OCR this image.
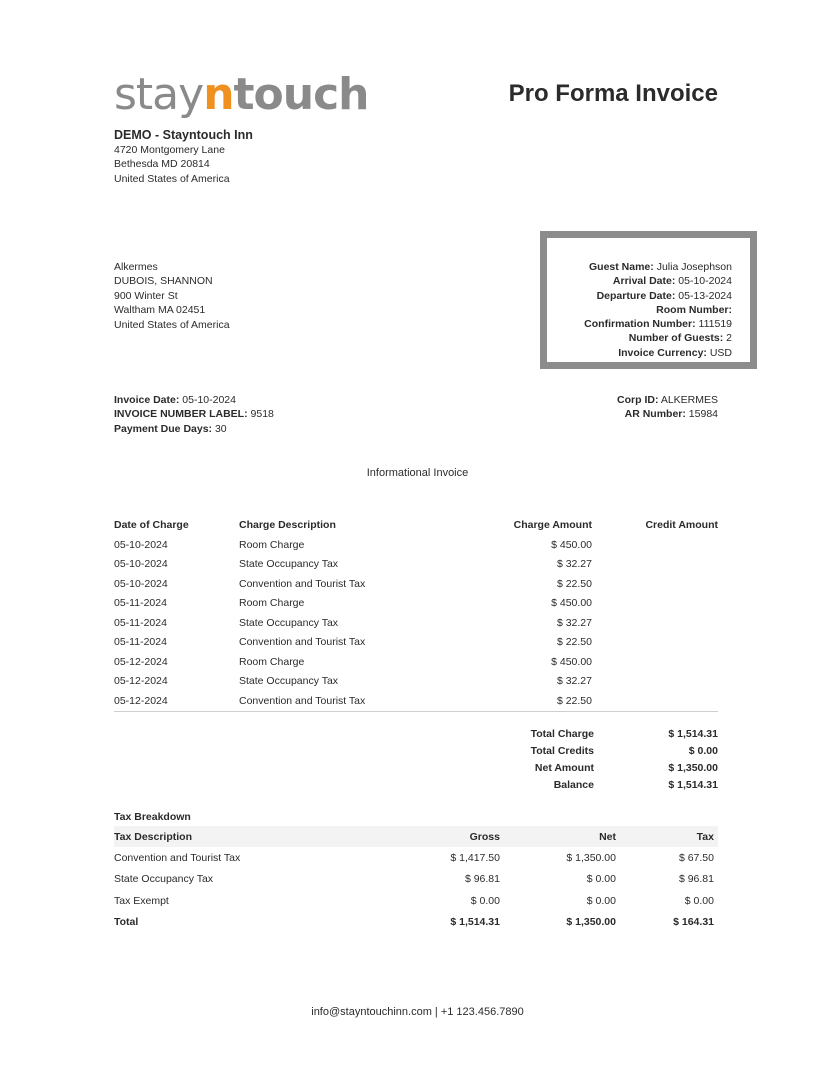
stayntouch	Pro Forma Invoice
DEMO - Stayntouch Inn
4720 Montgomery Lane
Bethesda MD 20814
United States of America
Alkermes
DUBOIS, SHANNON
900 Winter St
Waltham MA 02451
United States of America
Guest Name: Julia Josephson
Arrival Date: 05-10-2024
Departure Date: 05-13-2024
Room Number:
Confirmation Number: 111519
Number of Guests: 2
Invoice Currency: USD
Invoice Date: 05-10-2024
INVOICE NUMBER LABEL: 9518
Payment Due Days: 30
Corp ID: ALKERMES
AR Number: 15984
Informational Invoice
Date of Charge	Charge Description	Charge Amount	Credit Amount
05-10-2024	Room Charge	$ 450.00	
05-10-2024	State Occupancy Tax	$ 32.27	
05-10-2024	Convention and Tourist Tax	$ 22.50	
05-11-2024	Room Charge	$ 450.00	
05-11-2024	State Occupancy Tax	$ 32.27	
05-11-2024	Convention and Tourist Tax	$ 22.50	
05-12-2024	Room Charge	$ 450.00	
05-12-2024	State Occupancy Tax	$ 32.27	
05-12-2024	Convention and Tourist Tax	$ 22.50	
Total Charge	$ 1,514.31
Total Credits	$ 0.00
Net Amount	$ 1,350.00
Balance	$ 1,514.31
Tax Breakdown
Tax Description	Gross	Net	Tax
Convention and Tourist Tax	$ 1,417.50	$ 1,350.00	$ 67.50
State Occupancy Tax	$ 96.81	$ 0.00	$ 96.81
Tax Exempt	$ 0.00	$ 0.00	$ 0.00
Total	$ 1,514.31	$ 1,350.00	$ 164.31
info@stayntouchinn.com | +1 123.456.7890
